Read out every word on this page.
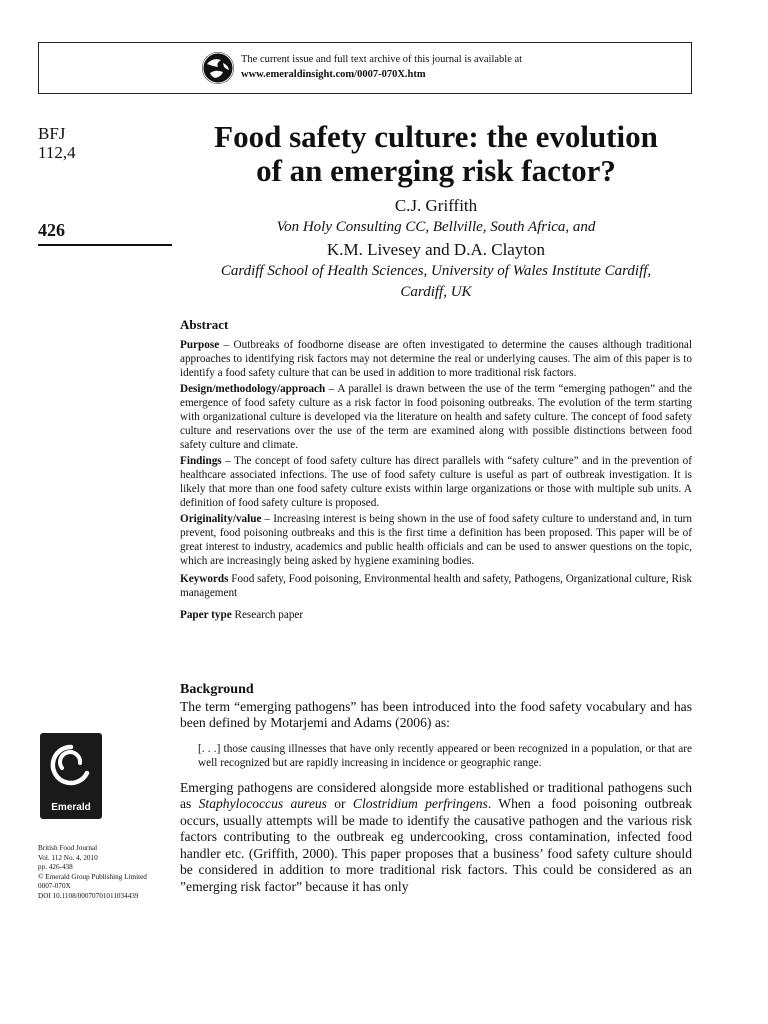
The current issue and full text archive of this journal is available at
www.emeraldinsight.com/0007-070X.htm
BFJ
112,4
426
Food safety culture: the evolution
of an emerging risk factor?
C.J. Griffith
Von Holy Consulting CC, Bellville, South Africa, and
K.M. Livesey and D.A. Clayton
Cardiff School of Health Sciences, University of Wales Institute Cardiff,
Cardiff, UK
Abstract

Purpose – Outbreaks of foodborne disease are often investigated to determine the causes although traditional approaches to identifying risk factors may not determine the real or underlying causes. The aim of this paper is to identify a food safety culture that can be used in addition to more traditional risk factors.

Design/methodology/approach – A parallel is drawn between the use of the term “emerging pathogen” and the emergence of food safety culture as a risk factor in food poisoning outbreaks. The evolution of the term starting with organizational culture is developed via the literature on health and safety culture. The concept of food safety culture and reservations over the use of the term are examined along with possible distinctions between food safety culture and climate.

Findings – The concept of food safety culture has direct parallels with “safety culture” and in the prevention of healthcare associated infections. The use of food safety culture is useful as part of outbreak investigation. It is likely that more than one food safety culture exists within large organizations or those with multiple sub units. A definition of food safety culture is proposed.

Originality/value – Increasing interest is being shown in the use of food safety culture to understand and, in turn prevent, food poisoning outbreaks and this is the first time a definition has been proposed. This paper will be of great interest to industry, academics and public health officials and can be used to answer questions on the topic, which are increasingly being asked by hygiene examining bodies.

Keywords Food safety, Food poisoning, Environmental health and safety, Pathogens, Organizational culture, Risk management

Paper type Research paper

Background

The term “emerging pathogens” has been introduced into the food safety vocabulary and has been defined by Motarjemi and Adams (2006) as:

[. . .] those causing illnesses that have only recently appeared or been recognized in a population, or that are well recognized but are rapidly increasing in incidence or geographic range.

Emerging pathogens are considered alongside more established or traditional pathogens such as Staphylococcus aureus or Clostridium perfringens. When a food poisoning outbreak occurs, usually attempts will be made to identify the causative pathogen and the various risk factors contributing to the outbreak eg undercooking, cross contamination, infected food handler etc. (Griffith, 2000). This paper proposes that a business’ food safety culture should be considered in addition to more traditional risk factors. This could be considered as an ”emerging risk factor” because it has only

Emerald
British Food Journal
Vol. 112 No. 4, 2010
pp. 426-438
© Emerald Group Publishing Limited
0007-070X
DOI 10.1108/00070701011034439
